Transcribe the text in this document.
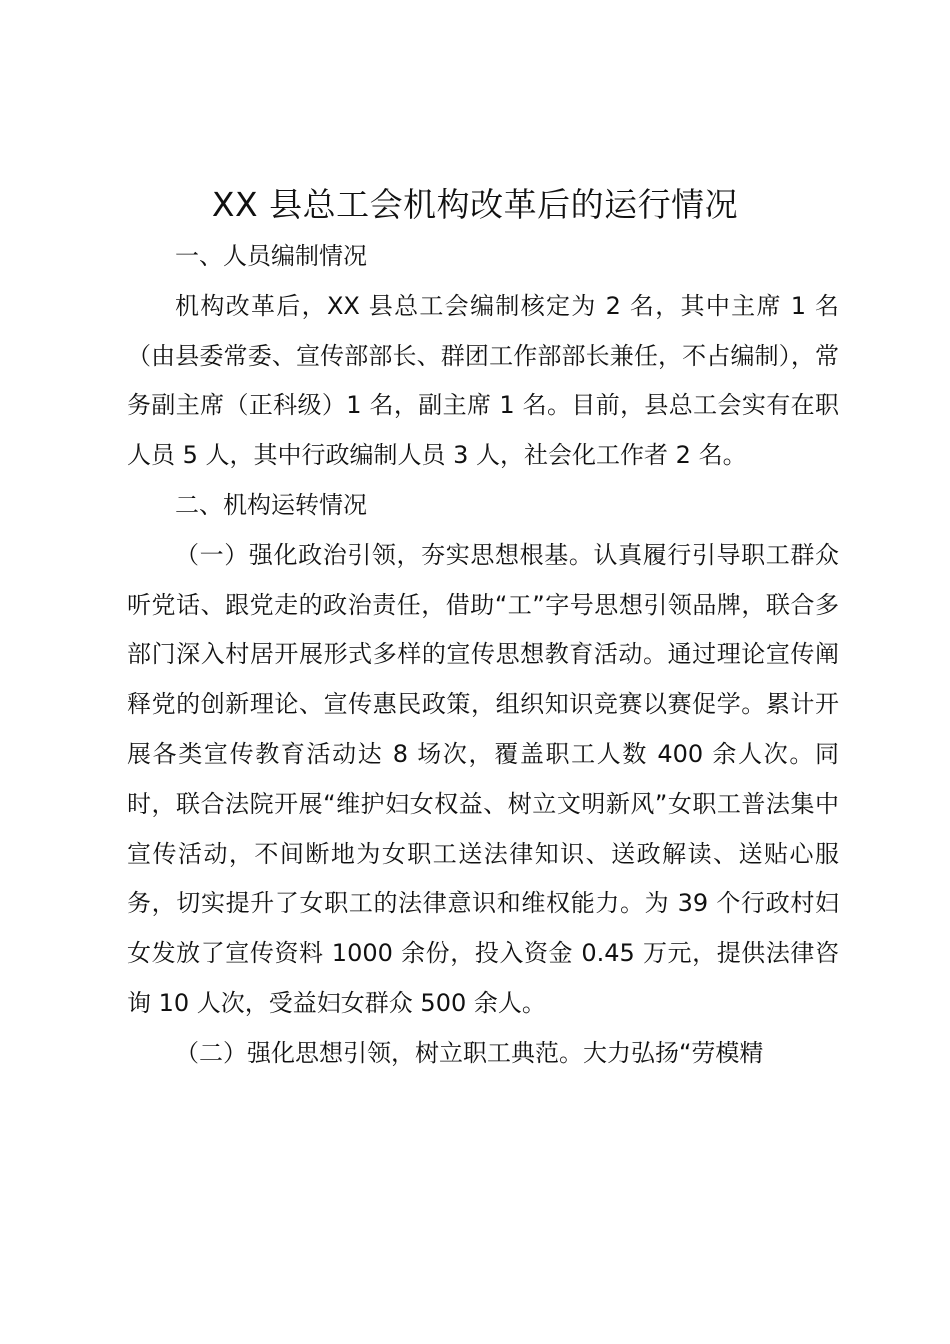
XX 县总工会机构改革后的运行情况

一、人员编制情况

机构改革后，XX 县总工会编制核定为 2 名，其中主席 1 名（由县委常委、宣传部部长、群团工作部部长兼任，不占编制），常务副主席（正科级）1 名，副主席 1 名。目前，县总工会实有在职人员 5 人，其中行政编制人员 3 人，社会化工作者 2 名。

二、机构运转情况

（一）强化政治引领，夯实思想根基。认真履行引导职工群众听党话、跟党走的政治责任，借助“工”字号思想引领品牌，联合多部门深入村居开展形式多样的宣传思想教育活动。通过理论宣传阐释党的创新理论、宣传惠民政策，组织知识竞赛以赛促学。累计开展各类宣传教育活动达 8 场次，覆盖职工人数 400 余人次。同时，联合法院开展“维护妇女权益、树立文明新风”女职工普法集中宣传活动，不间断地为女职工送法律知识、送政解读、送贴心服务，切实提升了女职工的法律意识和维权能力。为 39 个行政村妇女发放了宣传资料 1000 余份，投入资金 0.45 万元，提供法律咨询 10 人次，受益妇女群众 500 余人。

（二）强化思想引领，树立职工典范。大力弘扬“劳模精
